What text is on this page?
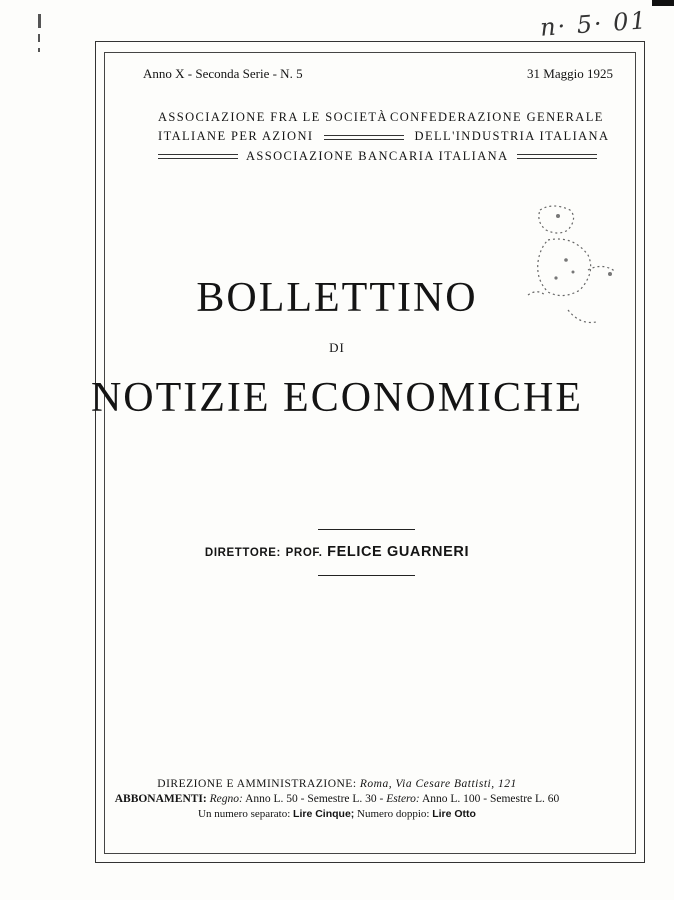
n· 5· 01
Anno X - Seconda Serie - N. 5	31 Maggio 1925
ASSOCIAZIONE FRA LE SOCIETÀ
ITALIANE PER AZIONI
CONFEDERAZIONE GENERALE
DELL'INDUSTRIA ITALIANA
ASSOCIAZIONE BANCARIA ITALIANA
BOLLETTINO
DI
NOTIZIE ECONOMICHE
DIRETTORE: PROF. FELICE GUARNERI
DIREZIONE E AMMINISTRAZIONE: Roma, Via Cesare Battisti, 121
ABBONAMENTI: Regno: Anno L. 50 - Semestre L. 30 - Estero: Anno L. 100 - Semestre L. 60
Un numero separato: Lire Cinque; Numero doppio: Lire Otto
